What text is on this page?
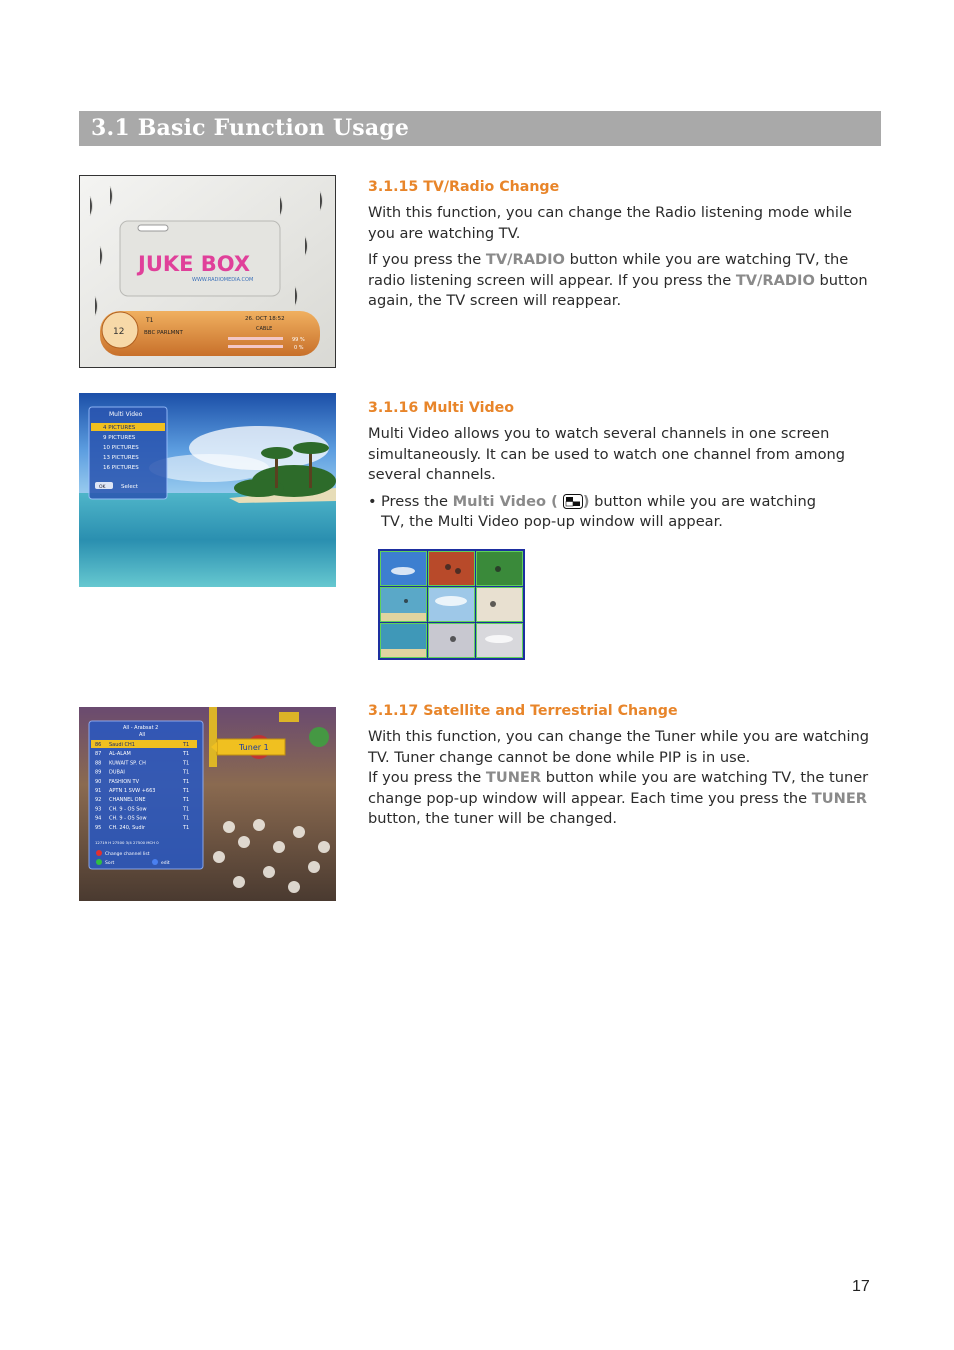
3.1 Basic Function Usage
JUKE BOX
WWW.RADIOMEDIA.COM
12
T1
BBC PARLMNT
26. OCT 18:52
CABLE
99 %
0 %
3.1.15 TV/Radio Change

With this function, you can change the Radio listening mode while you are watching TV.

If you press the TV/RADIO button while you are watching TV, the radio listening screen will appear. If you press the TV/RADIO button again, the TV screen will reappear.

Multi Video
4 PICTURES
9 PICTURES
10 PICTURES
13 PICTURES
16 PICTURES
OK	Select
3.1.16 Multi Video

Multi Video allows you to watch several channels in one screen simultaneously. It can be used to watch one channel from among several channels.

• Press the Multi Video ( ) button while you are watching TV, the Multi Video pop-up window will appear.
All - Arabsat 2
All
86 Saudi CH1	T1
87 AL-ALAM	T1
88 KUWAIT SP. CH	T1
89 DUBAI	T1
90 FASHION TV	T1
91 APTN 1 SVW +663	T1
92 CHANNEL ONE	T1
93 CH. 9 - OS Sow	T1
94 CH. 9 - OS Sow	T1
95 CH. 240, Sudir	T1
12719 H 27500 3/4 27500 MCH 0
Change channel list
Sort	edit
Tuner 1
3.1.17 Satellite and Terrestrial Change

With this function, you can change the Tuner while you are watching TV. Tuner change cannot be done while PIP is in use.

If you press the TUNER button while you are watching TV, the tuner change pop-up window will appear. Each time you press the TUNER button, the tuner will be changed.

17
